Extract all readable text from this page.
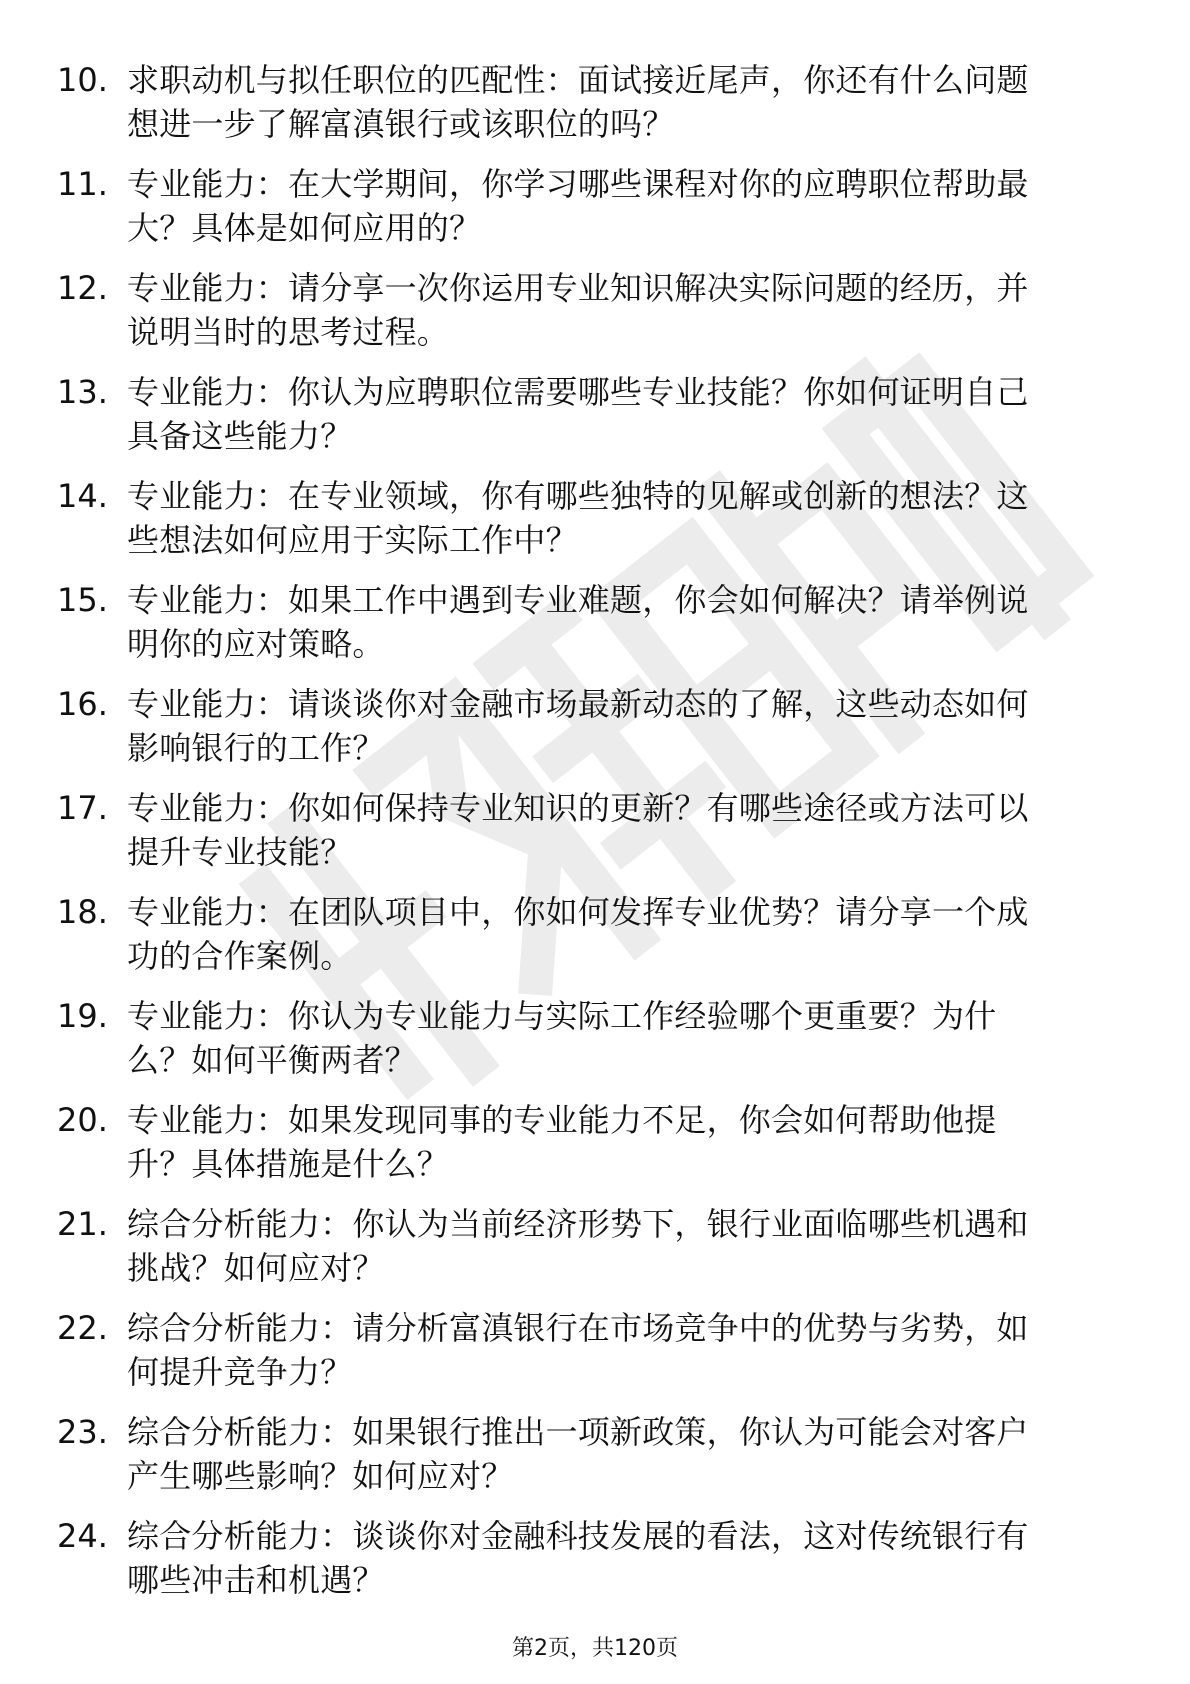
10. 求职动机与拟任职位的匹配性：面试接近尾声，你还有什么问题
想进一步了解富滇银行或该职位的吗？

11. 专业能力：在大学期间，你学习哪些课程对你的应聘职位帮助最
大？具体是如何应用的？

12. 专业能力：请分享一次你运用专业知识解决实际问题的经历，并
说明当时的思考过程。

13. 专业能力：你认为应聘职位需要哪些专业技能？你如何证明自己
具备这些能力？

14. 专业能力：在专业领域，你有哪些独特的见解或创新的想法？这
些想法如何应用于实际工作中？

15. 专业能力：如果工作中遇到专业难题，你会如何解决？请举例说
明你的应对策略。

16. 专业能力：请谈谈你对金融市场最新动态的了解，这些动态如何
影响银行的工作？

17. 专业能力：你如何保持专业知识的更新？有哪些途径或方法可以
提升专业技能？

18. 专业能力：在团队项目中，你如何发挥专业优势？请分享一个成
功的合作案例。

19. 专业能力：你认为专业能力与实际工作经验哪个更重要？为什
么？如何平衡两者？

20. 专业能力：如果发现同事的专业能力不足，你会如何帮助他提
升？具体措施是什么？

21. 综合分析能力：你认为当前经济形势下，银行业面临哪些机遇和
挑战？如何应对？

22. 综合分析能力：请分析富滇银行在市场竞争中的优势与劣势，如
何提升竞争力？

23. 综合分析能力：如果银行推出一项新政策，你认为可能会对客户
产生哪些影响？如何应对？

24. 综合分析能力：谈谈你对金融科技发展的看法，这对传统银行有
哪些冲击和机遇？

第2页，共120页
